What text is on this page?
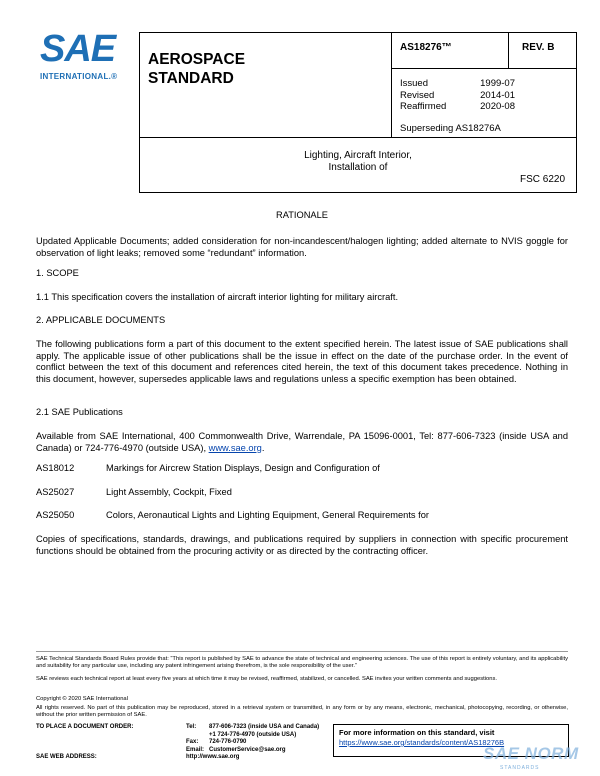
SAE
INTERNATIONAL.®
AEROSPACE
STANDARD
AS18276™	REV. B
Issued	1999-07
Revised	2014-01
Reaffirmed	2020-08
Superseding AS18276A
Lighting, Aircraft Interior,
Installation of
FSC 6220
RATIONALE
Updated Applicable Documents; added consideration for non-incandescent/halogen lighting; added alternate to NVIS goggle for observation of light leaks; removed some “redundant” information.
1. SCOPE
1.1 This specification covers the installation of aircraft interior lighting for military aircraft.
2. APPLICABLE DOCUMENTS
The following publications form a part of this document to the extent specified herein. The latest issue of SAE publications shall apply. The applicable issue of other publications shall be the issue in effect on the date of the purchase order. In the event of conflict between the text of this document and references cited herein, the text of this document takes precedence. Nothing in this document, however, supersedes applicable laws and regulations unless a specific exemption has been obtained.
2.1 SAE Publications
Available from SAE International, 400 Commonwealth Drive, Warrendale, PA 15096-0001, Tel: 877-606-7323 (inside USA and Canada) or 724-776-4970 (outside USA), www.sae.org.
AS18012	Markings for Aircrew Station Displays, Design and Configuration of
AS25027	Light Assembly, Cockpit, Fixed
AS25050	Colors, Aeronautical Lights and Lighting Equipment, General Requirements for
Copies of specifications, standards, drawings, and publications required by suppliers in connection with specific procurement functions should be obtained from the procuring activity or as directed by the contracting officer.
SAE Technical Standards Board Rules provide that: “This report is published by SAE to advance the state of technical and engineering sciences. The use of this report is entirely voluntary, and its applicability and suitability for any particular use, including any patent infringement arising therefrom, is the sole responsibility of the user.”
SAE reviews each technical report at least every five years at which time it may be revised, reaffirmed, stabilized, or cancelled. SAE invites your written comments and suggestions.
Copyright © 2020 SAE International
All rights reserved. No part of this publication may be reproduced, stored in a retrieval system or transmitted, in any form or by any means, electronic, mechanical, photocopying, recording, or otherwise, without the prior written permission of SAE.
TO PLACE A DOCUMENT ORDER:	Tel: 877-606-7323 (inside USA and Canada)
+1 724-776-4970 (outside USA)
Fax: 724-776-0790
Email: CustomerService@sae.org
SAE WEB ADDRESS:	http://www.sae.org
For more information on this standard, visit
https://www.sae.org/standards/content/AS18276B
SAE NORM
STANDARDS
